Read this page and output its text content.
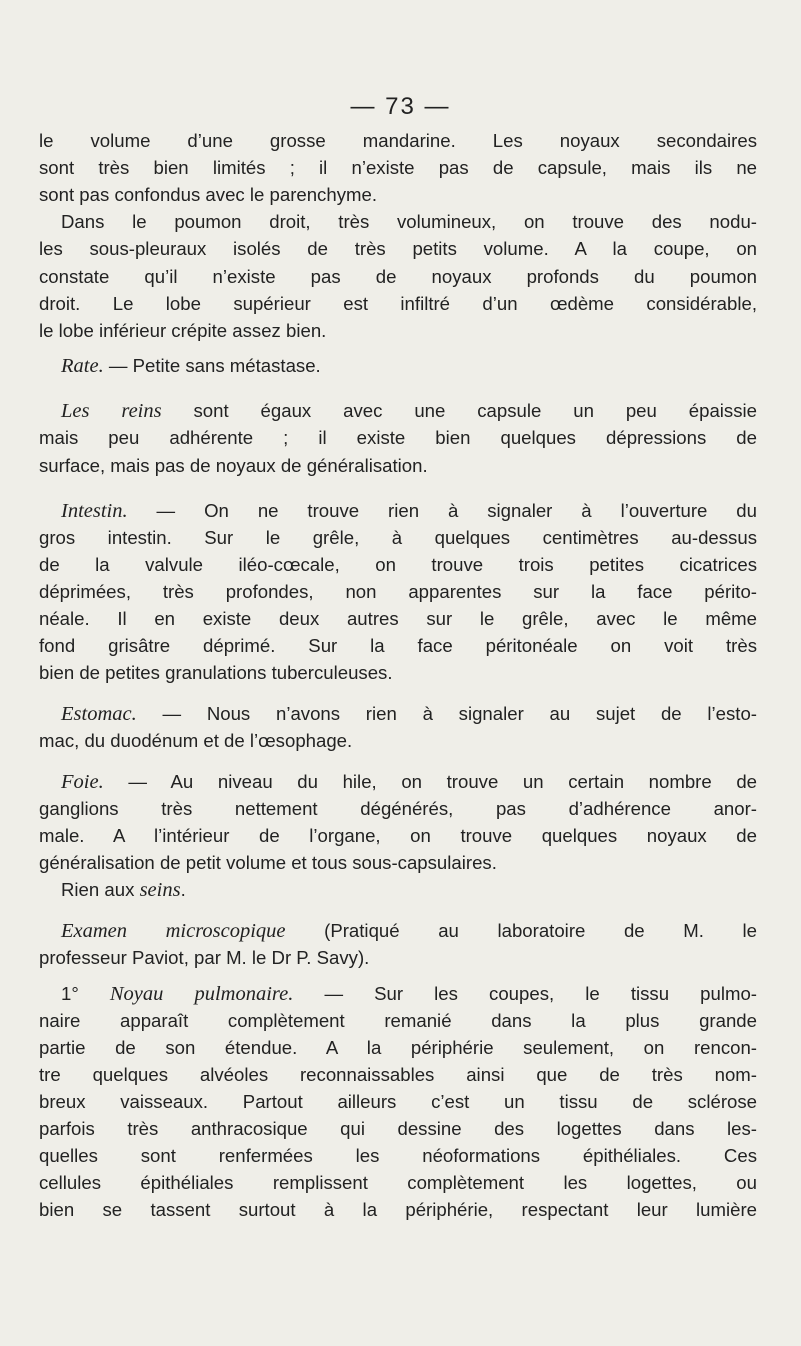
— 73 —
le volume d’une grosse mandarine. Les noyaux secondaires
sont très bien limités ; il n’existe pas de capsule, mais ils ne
sont pas confondus avec le parenchyme.
Dans le poumon droit, très volumineux, on trouve des nodu-
les sous-pleuraux isolés de très petits volume. A la coupe, on
constate qu’il n’existe pas de noyaux profonds du poumon
droit. Le lobe supérieur est infiltré d’un œdème considérable,
le lobe inférieur crépite assez bien.
Rate. — Petite sans métastase.
Les reins sont égaux avec une capsule un peu épaissie
mais peu adhérente ; il existe bien quelques dépressions de
surface, mais pas de noyaux de généralisation.
Intestin. — On ne trouve rien à signaler à l’ouverture du
gros intestin. Sur le grêle, à quelques centimètres au-dessus
de la valvule iléo-cœcale, on trouve trois petites cicatrices
déprimées, très profondes, non apparentes sur la face périto-
néale. Il en existe deux autres sur le grêle, avec le même
fond grisâtre déprimé. Sur la face péritonéale on voit très
bien de petites granulations tuberculeuses.
Estomac. — Nous n’avons rien à signaler au sujet de l’esto-
mac, du duodénum et de l’œsophage.
Foie. — Au niveau du hile, on trouve un certain nombre de
ganglions très nettement dégénérés, pas d’adhérence anor-
male. A l’intérieur de l’organe, on trouve quelques noyaux de
généralisation de petit volume et tous sous-capsulaires.
Rien aux seins.
Examen microscopique (Pratiqué au laboratoire de M. le
professeur Paviot, par M. le Dr P. Savy).
1° Noyau pulmonaire. — Sur les coupes, le tissu pulmo-
naire apparaît complètement remanié dans la plus grande
partie de son étendue. A la périphérie seulement, on rencon-
tre quelques alvéoles reconnaissables ainsi que de très nom-
breux vaisseaux. Partout ailleurs c’est un tissu de sclérose
parfois très anthracosique qui dessine des logettes dans les-
quelles sont renfermées les néoformations épithéliales. Ces
cellules épithéliales remplissent complètement les logettes, ou
bien se tassent surtout à la périphérie, respectant leur lumière
